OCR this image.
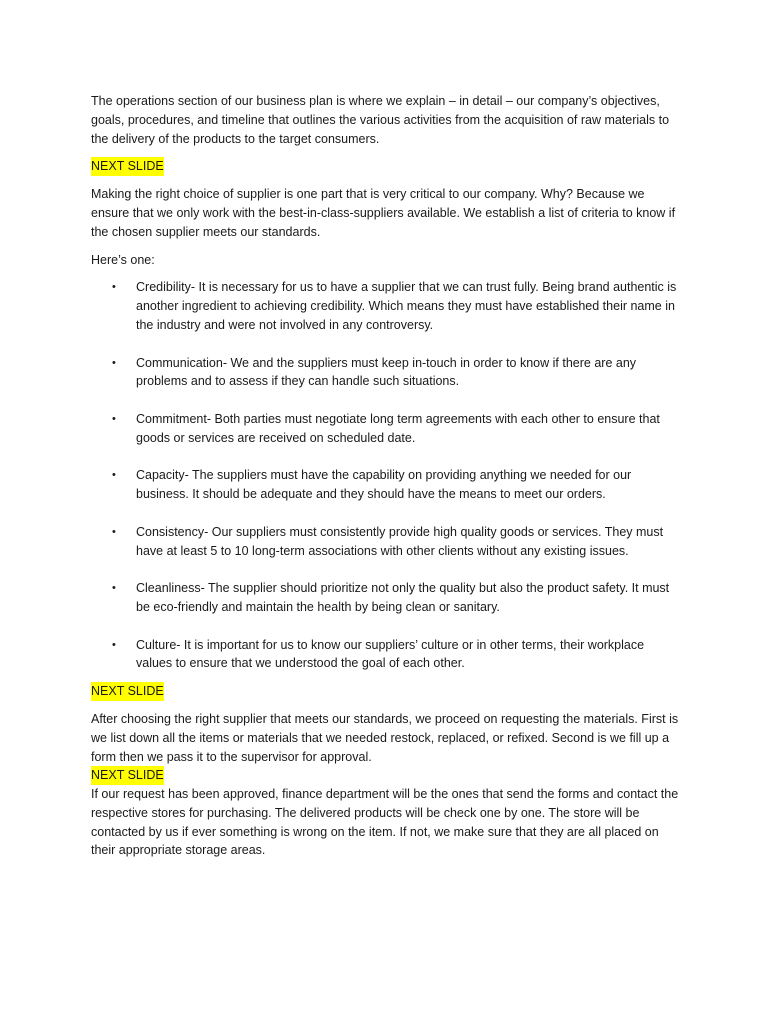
The operations section of our business plan is where we explain – in detail – our company’s objectives, goals, procedures, and timeline that outlines the various activities from the acquisition of raw materials to the delivery of the products to the target consumers.

NEXT SLIDE

Making the right choice of supplier is one part that is very critical to our company. Why? Because we ensure that we only work with the best-in-class-suppliers available. We establish a list of criteria to know if the chosen supplier meets our standards.

Here’s one:

• Credibility- It is necessary for us to have a supplier that we can trust fully. Being brand authentic is another ingredient to achieving credibility. Which means they must have established their name in the industry and were not involved in any controversy.
• Communication- We and the suppliers must keep in-touch in order to know if there are any problems and to assess if they can handle such situations.
• Commitment- Both parties must negotiate long term agreements with each other to ensure that goods or services are received on scheduled date.
• Capacity- The suppliers must have the capability on providing anything we needed for our business. It should be adequate and they should have the means to meet our orders.
• Consistency- Our suppliers must consistently provide high quality goods or services. They must have at least 5 to 10 long-term associations with other clients without any existing issues.
• Cleanliness- The supplier should prioritize not only the quality but also the product safety. It must be eco-friendly and maintain the health by being clean or sanitary.
• Culture- It is important for us to know our suppliers’ culture or in other terms, their workplace values to ensure that we understood the goal of each other.

NEXT SLIDE

After choosing the right supplier that meets our standards, we proceed on requesting the materials. First is we list down all the items or materials that we needed restock, replaced, or refixed. Second is we fill up a form then we pass it to the supervisor for approval.

NEXT SLIDE

If our request has been approved, finance department will be the ones that send the forms and contact the respective stores for purchasing. The delivered products will be check one by one. The store will be contacted by us if ever something is wrong on the item. If not, we make sure that they are all placed on their appropriate storage areas.
